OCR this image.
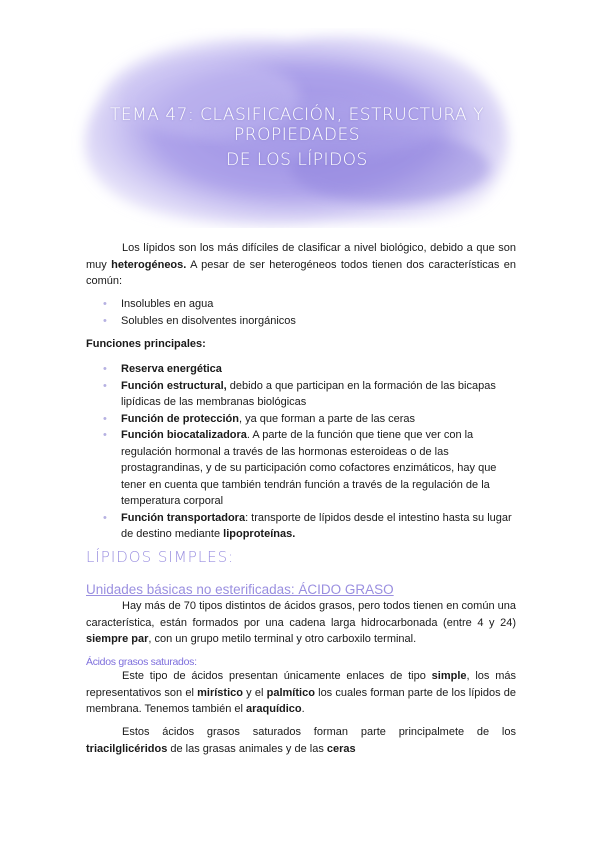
TEMA 47: CLASIFICACIÓN, ESTRUCTURA Y PROPIEDADES
DE LOS LÍPIDOS
Los lípidos son los más difíciles de clasificar a nivel biológico, debido a que son muy heterogéneos. A pesar de ser heterogéneos todos tienen dos características en común:
• Insolubles en agua
• Solubles en disolventes inorgánicos
Funciones principales:
• Reserva energética
• Función estructural, debido a que participan en la formación de las bicapas lipídicas de las membranas biológicas
• Función de protección, ya que forman a parte de las ceras
• Función biocatalizadora. A parte de la función que tiene que ver con la regulación hormonal a través de las hormonas esteroideas o de las prostagrandinas, y de su participación como cofactores enzimáticos, hay que tener en cuenta que también tendrán función a través de la regulación de la temperatura corporal
• Función transportadora: transporte de lípidos desde el intestino hasta su lugar de destino mediante lipoproteínas.
LÍPIDOS SIMPLES:
Unidades básicas no esterificadas: ÁCIDO GRASO
Hay más de 70 tipos distintos de ácidos grasos, pero todos tienen en común una característica, están formados por una cadena larga hidrocarbonada (entre 4 y 24) siempre par, con un grupo metilo terminal y otro carboxilo terminal.
Ácidos grasos saturados:
Este tipo de ácidos presentan únicamente enlaces de tipo simple, los más representativos son el mirístico y el palmítico los cuales forman parte de los lípidos de membrana. Tenemos también el araquídico.
Estos ácidos grasos saturados forman parte principalmete de los triacilglicéridos de las grasas animales y de las ceras
